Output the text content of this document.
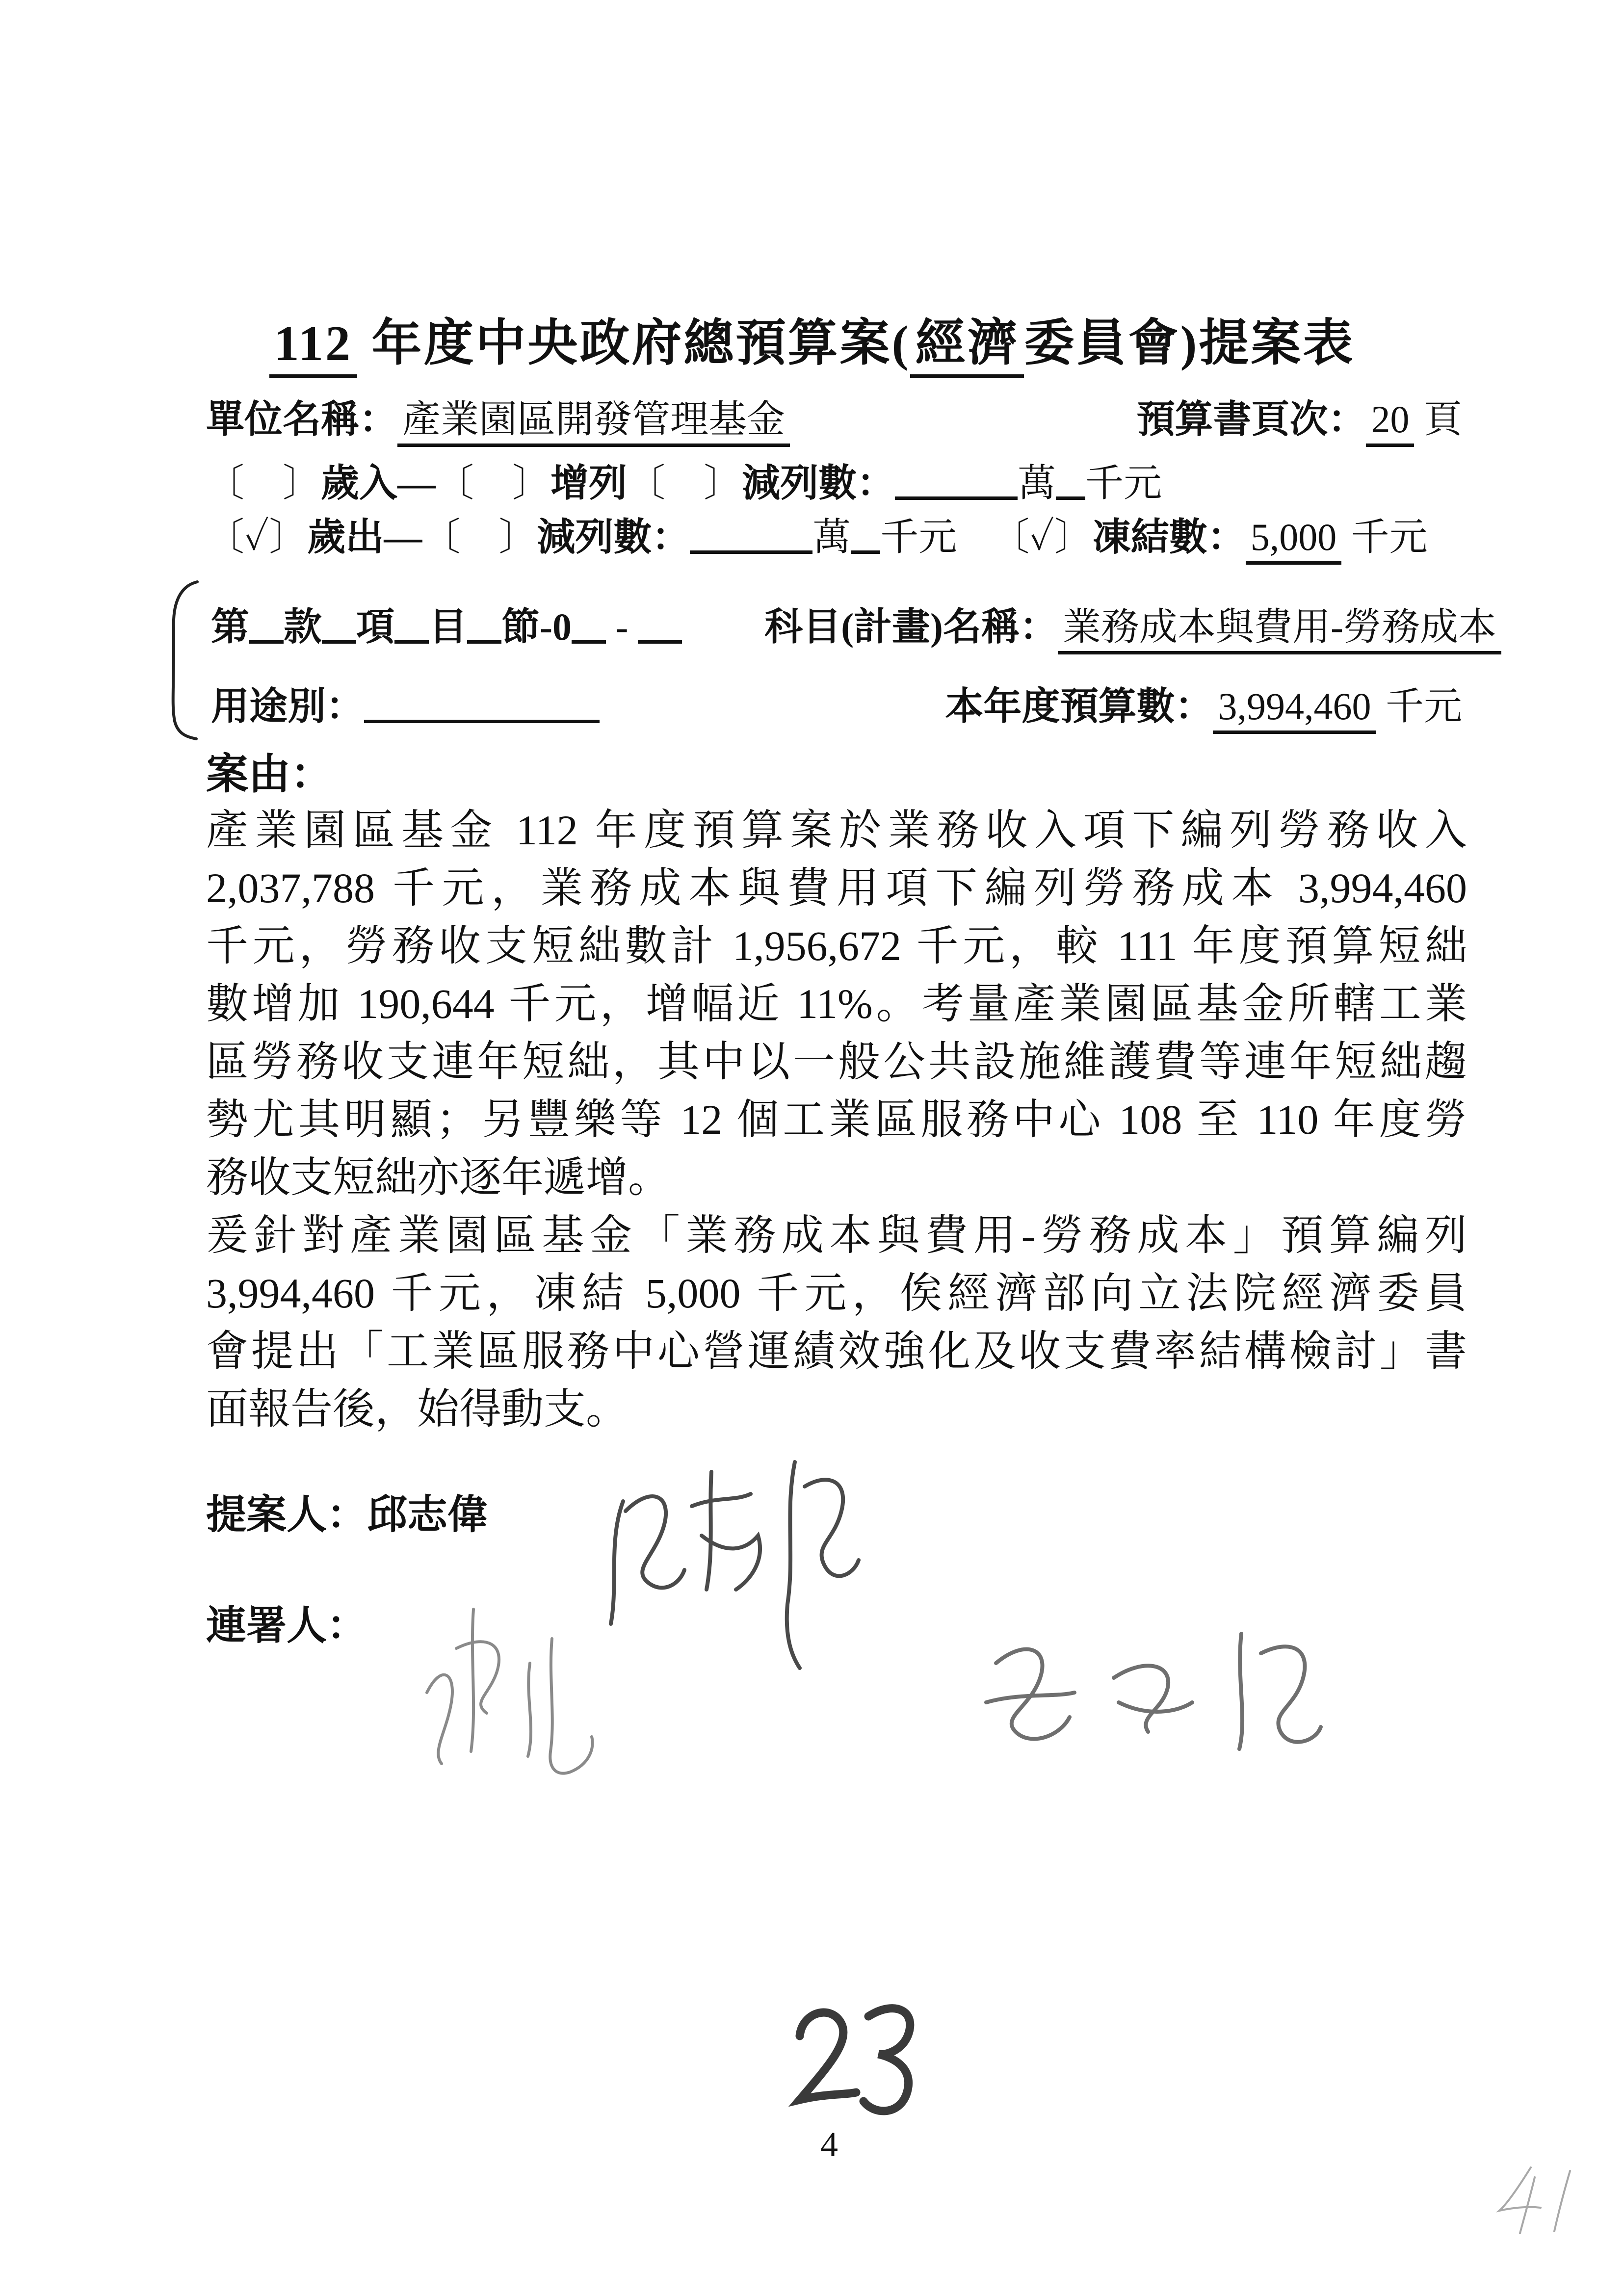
112 年度中央政府總預算案(經濟委員會)提案表
單位名稱： 產業園區開發管理基金	預算書頁次： 20 頁
〔　〕歲入—〔　〕增列〔　〕減列數：	萬 千元
〔✓〕歲出—〔　〕減列數：	萬 千元 〔✓〕凍結數： 5,000 千元
第 款 項 目 節-0 -	科目(計畫)名稱： 業務成本與費用-勞務成本
用途別：	本年度預算數： 3,994,460 千元
案由：
產業園區基金 112 年度預算案於業務收入項下編列勞務收入
2,037,788 千元，業務成本與費用項下編列勞務成本 3,994,460
千元，勞務收支短絀數計 1,956,672 千元，較 111 年度預算短絀
數增加 190,644 千元，增幅近 11%。考量產業園區基金所轄工業
區勞務收支連年短絀，其中以一般公共設施維護費等連年短絀趨
勢尤其明顯；另豐樂等 12 個工業區服務中心 108 至 110 年度勞
務收支短絀亦逐年遞增。
爰針對產業園區基金「業務成本與費用-勞務成本」預算編列
3,994,460 千元，凍結 5,000 千元，俟經濟部向立法院經濟委員
會提出「工業區服務中心營運績效強化及收支費率結構檢討」書
面報告後，始得動支。
提案人：邱志偉
連署人：
4
